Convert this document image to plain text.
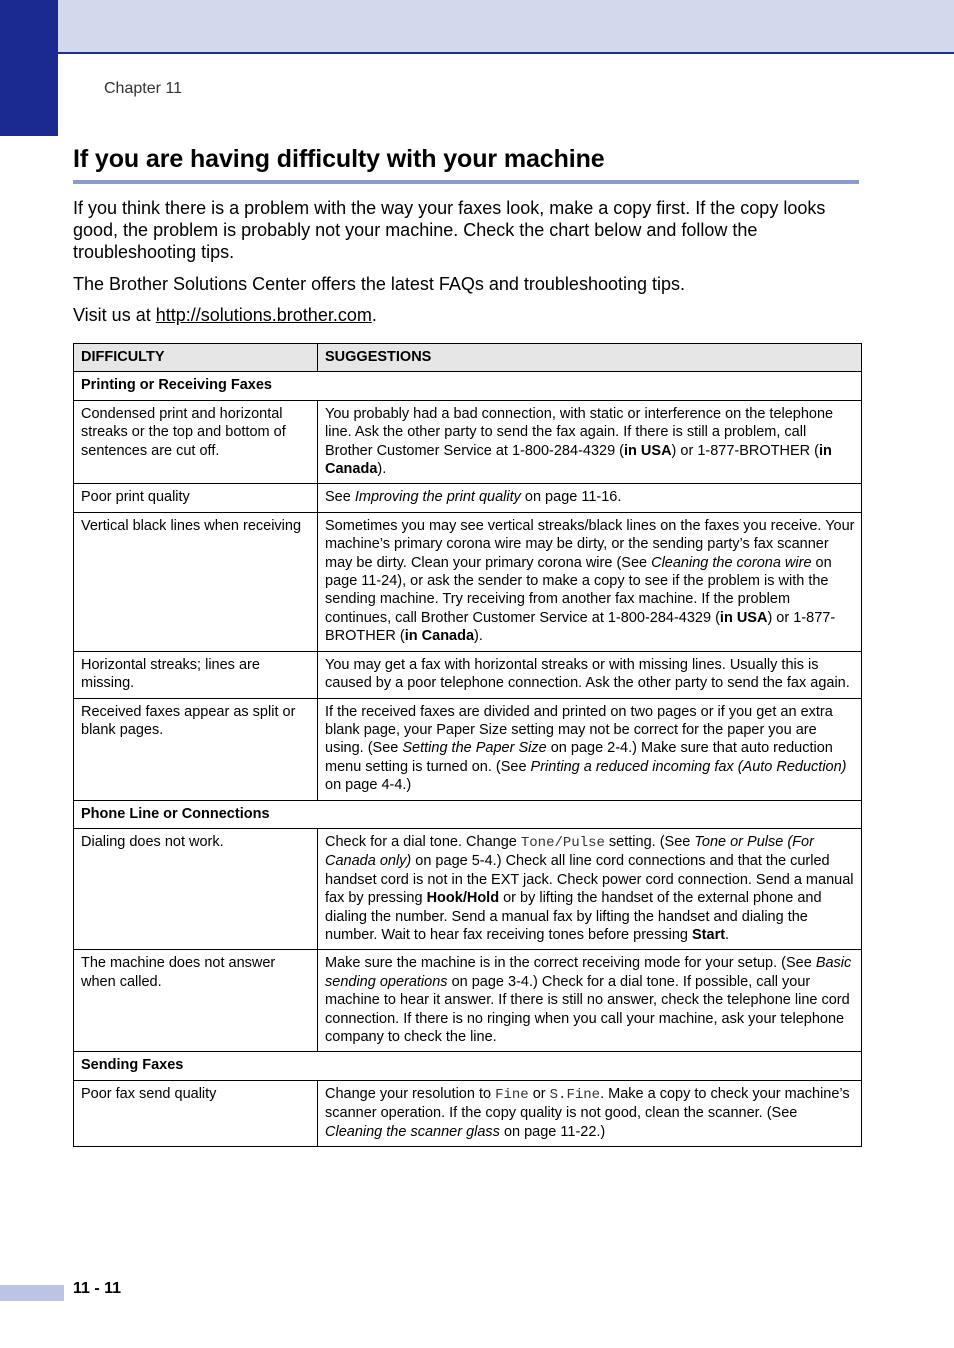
Chapter 11
If you are having difficulty with your machine

If you think there is a problem with the way your faxes look, make a copy first. If the copy looks good, the problem is probably not your machine. Check the chart below and follow the troubleshooting tips.

The Brother Solutions Center offers the latest FAQs and troubleshooting tips.

Visit us at http://solutions.brother.com.

DIFFICULTY	SUGGESTIONS
Printing or Receiving Faxes	
Condensed print and horizontal streaks or the top and bottom of sentences are cut off.	You probably had a bad connection, with static or interference on the telephone line. Ask the other party to send the fax again. If there is still a problem, call Brother Customer Service at 1-800-284-4329 (in USA) or 1-877-BROTHER (in Canada).
Poor print quality	See Improving the print quality on page 11-16.
Vertical black lines when receiving	Sometimes you may see vertical streaks/black lines on the faxes you receive. Your machine’s primary corona wire may be dirty, or the sending party’s fax scanner may be dirty. Clean your primary corona wire (See Cleaning the corona wire on page 11-24), or ask the sender to make a copy to see if the problem is with the sending machine. Try receiving from another fax machine. If the problem continues, call Brother Customer Service at 1-800-284-4329 (in USA) or 1-877-BROTHER (in Canada).
Horizontal streaks; lines are missing.	You may get a fax with horizontal streaks or with missing lines. Usually this is caused by a poor telephone connection. Ask the other party to send the fax again.
Received faxes appear as split or blank pages.	If the received faxes are divided and printed on two pages or if you get an extra blank page, your Paper Size setting may not be correct for the paper you are using. (See Setting the Paper Size on page 2-4.) Make sure that auto reduction menu setting is turned on. (See Printing a reduced incoming fax (Auto Reduction) on page 4-4.)
Phone Line or Connections	
Dialing does not work.	Check for a dial tone. Change Tone/Pulse setting. (See Tone or Pulse (For Canada only) on page 5-4.) Check all line cord connections and that the curled handset cord is not in the EXT jack. Check power cord connection. Send a manual fax by pressing Hook/Hold or by lifting the handset of the external phone and dialing the number. Send a manual fax by lifting the handset and dialing the number. Wait to hear fax receiving tones before pressing Start.
The machine does not answer when called.	Make sure the machine is in the correct receiving mode for your setup. (See Basic sending operations on page 3-4.) Check for a dial tone. If possible, call your machine to hear it answer. If there is still no answer, check the telephone line cord connection. If there is no ringing when you call your machine, ask your telephone company to check the line.
Sending Faxes	
Poor fax send quality	Change your resolution to Fine or S.Fine. Make a copy to check your machine’s scanner operation. If the copy quality is not good, clean the scanner. (See Cleaning the scanner glass on page 11-22.)
11 - 11
